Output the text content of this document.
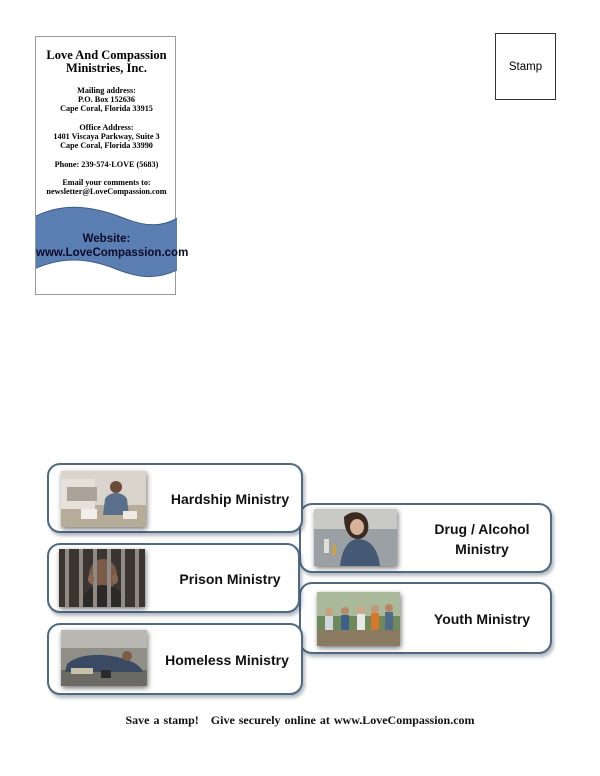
Love And Compassion
Ministries, Inc.
Mailing address:
P.O. Box 152636
Cape Coral, Florida 33915
Office Address:
1401 Viscaya Parkway, Suite 3
Cape Coral, Florida 33990
Phone: 239-574-LOVE (5683)
Email your comments to:
newsletter@LoveCompassion.com
Website:
www.LoveCompassion.com
Stamp
Drug / Alcohol
Ministry
Youth Ministry
Hardship Ministry
Prison Ministry
Homeless Ministry
Save a stamp!   Give securely online at www.LoveCompassion.com
